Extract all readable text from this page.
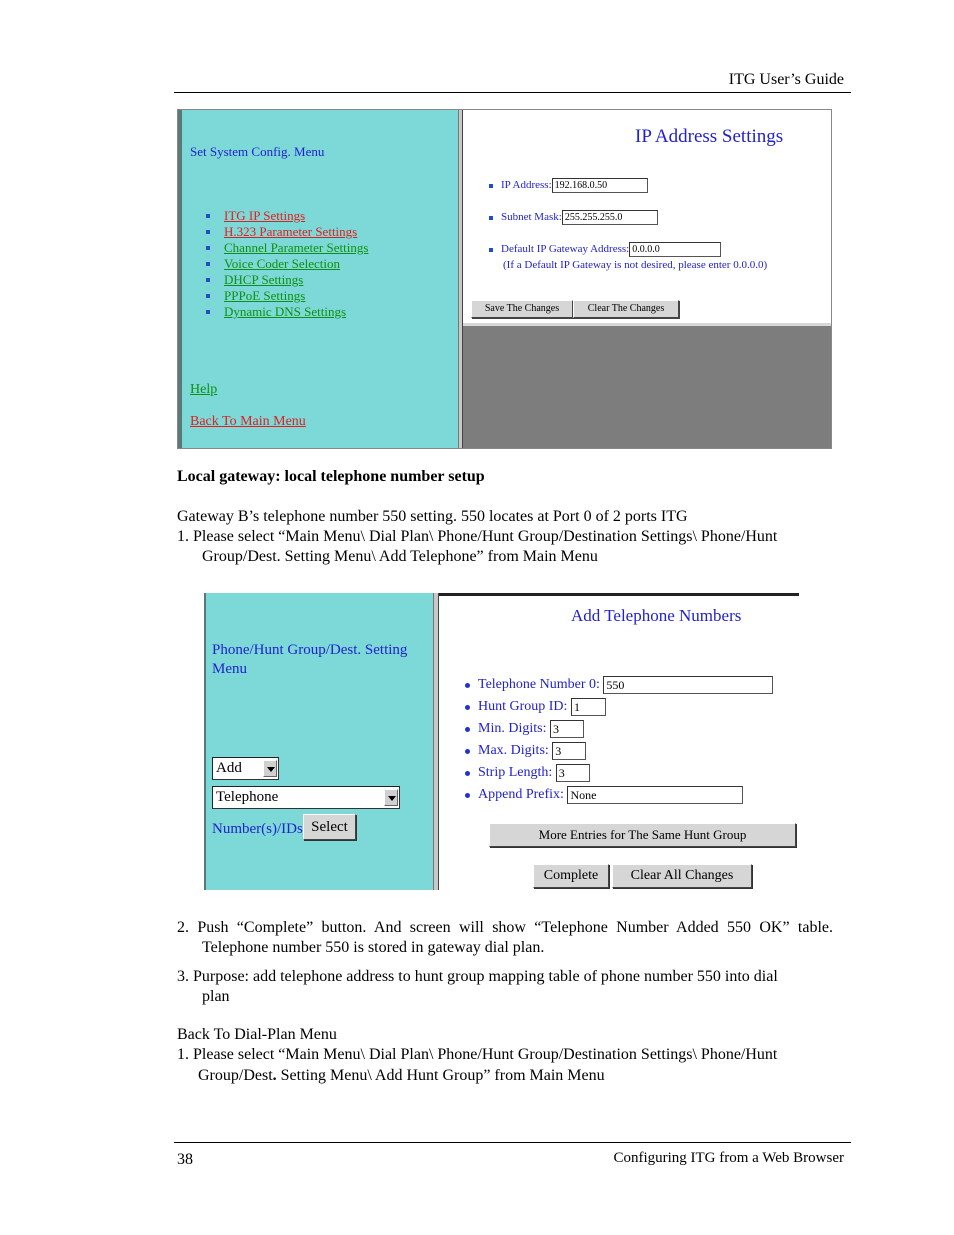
ITG User’s Guide
Set System Config. Menu
ITG IP Settings
H.323 Parameter Settings
Channel Parameter Settings
Voice Coder Selection
DHCP Settings
PPPoE Settings
Dynamic DNS Settings
Help
Back To Main Menu
IP Address Settings
IP Address: 192.168.0.50
Subnet Mask: 255.255.255.0
Default IP Gateway Address: 0.0.0.0
(If a Default IP Gateway is not desired, please enter 0.0.0.0)
Save The Changes	Clear The Changes
Local gateway: local telephone number setup
Gateway B’s telephone number 550 setting. 550 locates at Port 0 of 2 ports ITG
1. Please select “Main Menu\ Dial Plan\ Phone/Hunt Group/Destination Settings\ Phone/Hunt
Group/Dest. Setting Menu\ Add Telephone” from Main Menu
Phone/Hunt Group/Dest. Setting
Menu
Add
Telephone
Number(s)/IDs Select
Add Telephone Numbers
Telephone Number 0: 550
Hunt Group ID: 1
Min. Digits: 3
Max. Digits: 3
Strip Length: 3
Append Prefix: None
More Entries for The Same Hunt Group
Complete	Clear All Changes
2. Push “Complete” button. And screen will show “Telephone Number Added 550 OK” table.
Telephone number 550 is stored in gateway dial plan.
3. Purpose: add telephone address to hunt group mapping table of phone number 550 into dial
plan
Back To Dial-Plan Menu
1. Please select “Main Menu\ Dial Plan\ Phone/Hunt Group/Destination Settings\ Phone/Hunt
Group/Dest. Setting Menu\ Add Hunt Group” from Main Menu
38	Configuring ITG from a Web Browser
